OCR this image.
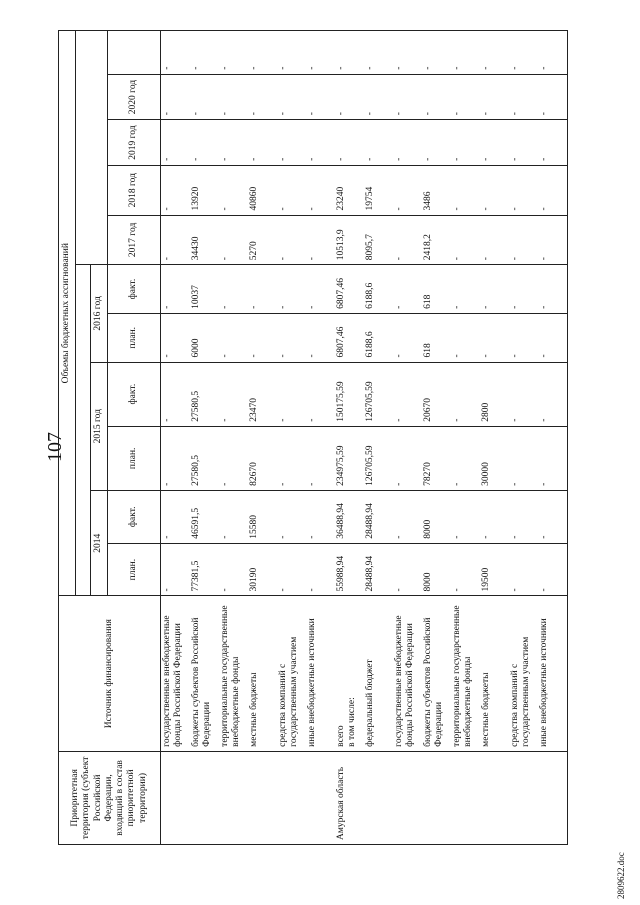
107
Приоритетная территория (субъект Российской Федерации, входящий в состав приоритетной территории)	Источник финансирования	Объемы бюджетных ассигнований										

		2014		2015 год		2016 год						
		план.	факт.	план.	факт.	план.	факт.	2017 год	2018 год	2019 год	2020 год	

	государственные внебюджетные фонды Российской Федерации	-	-	-	-	-	-	-	-	-	-	-

	бюджеты субъектов Российской Федерации	77381,5	46591,5	27580,5	27580,5	6000	10037	34430	13920	-	-	-

	территориальные государственные внебюджетные фонды	-	-	-	-	-	-	-	-	-	-	-

	местные бюджеты	30190	15580	82670	23470	-	-	5270	40860	-	-	-

	средства компаний с государственным участием	-	-	-	-	-	-	-	-	-	-	-

	иные внебюджетные источники	-	-	-	-	-	-	-	-	-	-	-
Амурская область	всего в том числе:	55988,94	36488,94	234975,59	150175,59	6807,46	6807,46	10513,9	23240	-	-	-

	федеральный бюджет	28488,94	28488,94	126705,59	126705,59	6188,6	6188,6	8095,7	19754	-	-	-

	государственные внебюджетные фонды Российской Федерации	-	-	-	-	-	-	-	-	-	-	-

	бюджеты субъектов Российской Федерации	8000	8000	78270	20670	618	618	2418,2	3486	-	-	-

	территориальные государственные внебюджетные фонды	-	-	-	-	-	-	-	-	-	-	-

	местные бюджеты	19500	-	30000	2800	-	-	-	-	-	-	-

	средства компаний с государственным участием	-	-	-	-	-	-	-	-	-	-	-

	иные внебюджетные источники	-	-	-	-	-	-	-	-	-	-	-
2809622.doc
